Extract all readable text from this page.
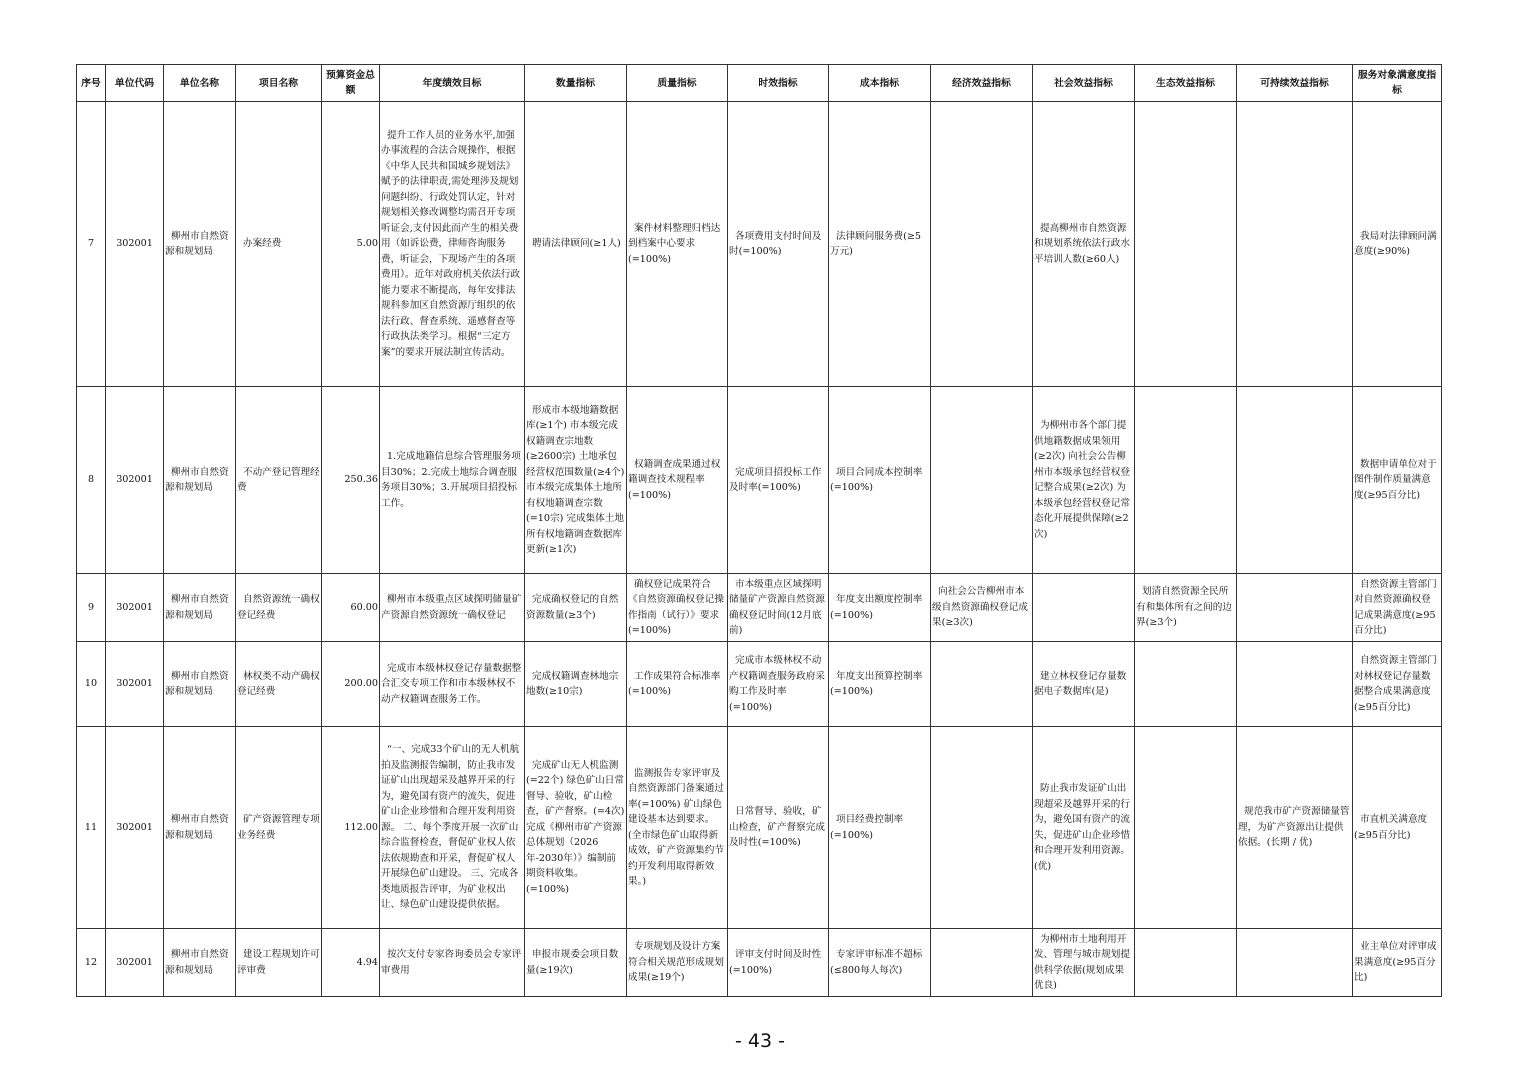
序号	单位代码	单位名称	项目名称	预算资金总额	年度绩效目标	数量指标	质量指标	时效指标	成本指标	经济效益指标	社会效益指标	生态效益指标	可持续效益指标	服务对象满意度指标
7	302001	柳州市自然资源和规划局	办案经费	5.00	提升工作人员的业务水平,加强办事流程的合法合规操作，根据《中华人民共和国城乡规划法》赋予的法律职责,需处理涉及规划问题纠纷、行政处罚认定，针对规划相关修改调整均需召开专项听证会,支付因此而产生的相关费用（如诉讼费，律师咨询服务费，听证会，下现场产生的各项费用）。近年对政府机关依法行政能力要求不断提高，每年安排法规科参加区自然资源厅组织的依法行政、督查系统、遥感督查等行政执法类学习。根据“三定方案”的要求开展法制宣传活动。	聘请法律顾问(≥1人)	案件材料整理归档达到档案中心要求(=100%)	各项费用支付时间及时(=100%)	法律顾问服务费(≥5万元)		提高柳州市自然资源和规划系统依法行政水平培训人数(≥60人)			我局对法律顾问满意度(≥90%)
8	302001	柳州市自然资源和规划局	不动产登记管理经费	250.36	1.完成地籍信息综合管理服务项目30%；2.完成土地综合调查服务项目30%；3.开展项目招投标工作。	形成市本级地籍数据库(≥1个) 市本级完成权籍调查宗地数(≥2600宗) 土地承包经营权范围数量(≥4个) 市本级完成集体土地所有权地籍调查宗数(=10宗) 完成集体土地所有权地籍调查数据库更新(≥1次)	权籍调查成果通过权籍调查技术规程率(=100%)	完成项目招投标工作及时率(=100%)	项目合同成本控制率(=100%)		为柳州市各个部门提供地籍数据成果领用(≥2次) 向社会公告柳州市本级承包经营权登记整合成果(≥2次) 为本级承包经营权登记常态化开展提供保障(≥2次)			数据申请单位对于图件制作质量满意度(≥95百分比)
9	302001	柳州市自然资源和规划局	自然资源统一确权登记经费	60.00	柳州市本级重点区域探明储量矿产资源自然资源统一确权登记	完成确权登记的自然资源数量(≥3个)	确权登记成果符合《自然资源确权登记操作指南（试行）》要求(=100%)	市本级重点区域探明储量矿产资源自然资源确权登记时间(12月底前)	年度支出额度控制率(=100%)	向社会公告柳州市本级自然资源确权登记成果(≥3次)		划清自然资源全民所有和集体所有之间的边界(≥3个)		自然资源主管部门对自然资源确权登记成果满意度(≥95百分比)
10	302001	柳州市自然资源和规划局	林权类不动产确权登记经费	200.00	完成市本级林权登记存量数据整合汇交专项工作和市本级林权不动产权籍调查服务工作。	完成权籍调查林地宗地数(≥10宗)	工作成果符合标准率(=100%)	完成市本级林权不动产权籍调查服务政府采购工作及时率(=100%)	年度支出预算控制率(=100%)		建立林权登记存量数据电子数据库(是)			自然资源主管部门对林权登记存量数据整合成果满意度(≥95百分比)
11	302001	柳州市自然资源和规划局	矿产资源管理专项业务经费	112.00	“一、完成33个矿山的无人机航拍及监测报告编制，防止我市发证矿山出现超采及越界开采的行为，避免国有资产的流失，促进矿山企业珍惜和合理开发利用资源。 二、每个季度开展一次矿山综合监督检查，督促矿业权人依法依规勘查和开采，督促矿权人开展绿色矿山建设。 三、完成各类地质报告评审，为矿业权出让、绿色矿山建设提供依据。	完成矿山无人机监测(=22个) 绿色矿山日常督导、验收，矿山检查，矿产督察。(=4次) 完成《柳州市矿产资源总体规划（2026年-2030年）》编制前期资料收集。(=100%)	监测报告专家评审及自然资源部门备案通过率(=100%) 矿山绿色建设基本达到要求。(全市绿色矿山取得新成效，矿产资源集约节约开发利用取得新效果。)	日常督导、验收，矿山检查，矿产督察完成及时性(=100%)	项目经费控制率(=100%)		防止我市发证矿山出现超采及越界开采的行为，避免国有资产的流失，促进矿山企业珍惜和合理开发利用资源。(优)		规范我市矿产资源储量管理，为矿产资源出让提供依据。(长期 / 优)	市直机关满意度(≥95百分比)
12	302001	柳州市自然资源和规划局	建设工程规划许可评审费	4.94	按次支付专家咨询委员会专家评审费用	申报市规委会项目数量(≥19次)	专项规划及设计方案符合相关规范形成规划成果(≥19个)	评审支付时间及时性(=100%)	专家评审标准不超标(≤800每人每次)		为柳州市土地利用开发、管理与城市规划提供科学依据(规划成果优良)			业主单位对评审成果满意度(≥95百分比)
- 43 -
